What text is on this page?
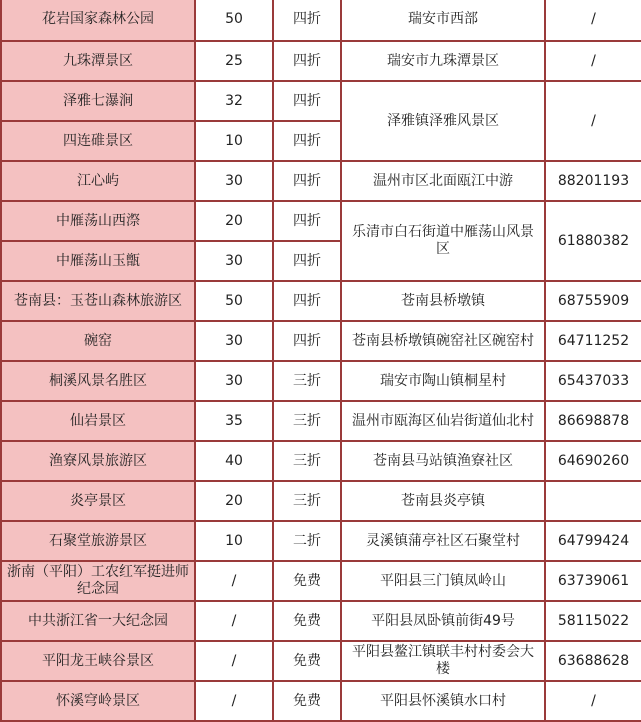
花岩国家森林公园	50	四折	瑞安市西部	/
九珠潭景区	25	四折	瑞安市九珠潭景区	/
泽雅七瀑涧	32	四折	泽雅镇泽雅风景区	/
四连碓景区	10	四折		
江心屿	30	四折	温州市区北面瓯江中游	88201193
中雁荡山西漈	20	四折	乐清市白石街道中雁荡山风景区	61880382
中雁荡山玉甑	30	四折		
苍南县：玉苍山森林旅游区	50	四折	苍南县桥墩镇	68755909
碗窑	30	四折	苍南县桥墩镇碗窑社区碗窑村	64711252
桐溪风景名胜区	30	三折	瑞安市陶山镇桐星村	65437033
仙岩景区	35	三折	温州市瓯海区仙岩街道仙北村	86698878
渔寮风景旅游区	40	三折	苍南县马站镇渔寮社区	64690260
炎亭景区	20	三折	苍南县炎亭镇	
石聚堂旅游景区	10	二折	灵溪镇蒲亭社区石聚堂村	64799424
浙南（平阳）工农红军挺进师纪念园	/	免费	平阳县三门镇凤岭山	63739061
中共浙江省一大纪念园	/	免费	平阳县凤卧镇前街49号	58115022
平阳龙王峡谷景区	/	免费	平阳县鳌江镇联丰村村委会大楼	63688628
怀溪穹岭景区	/	免费	平阳县怀溪镇水口村	/
